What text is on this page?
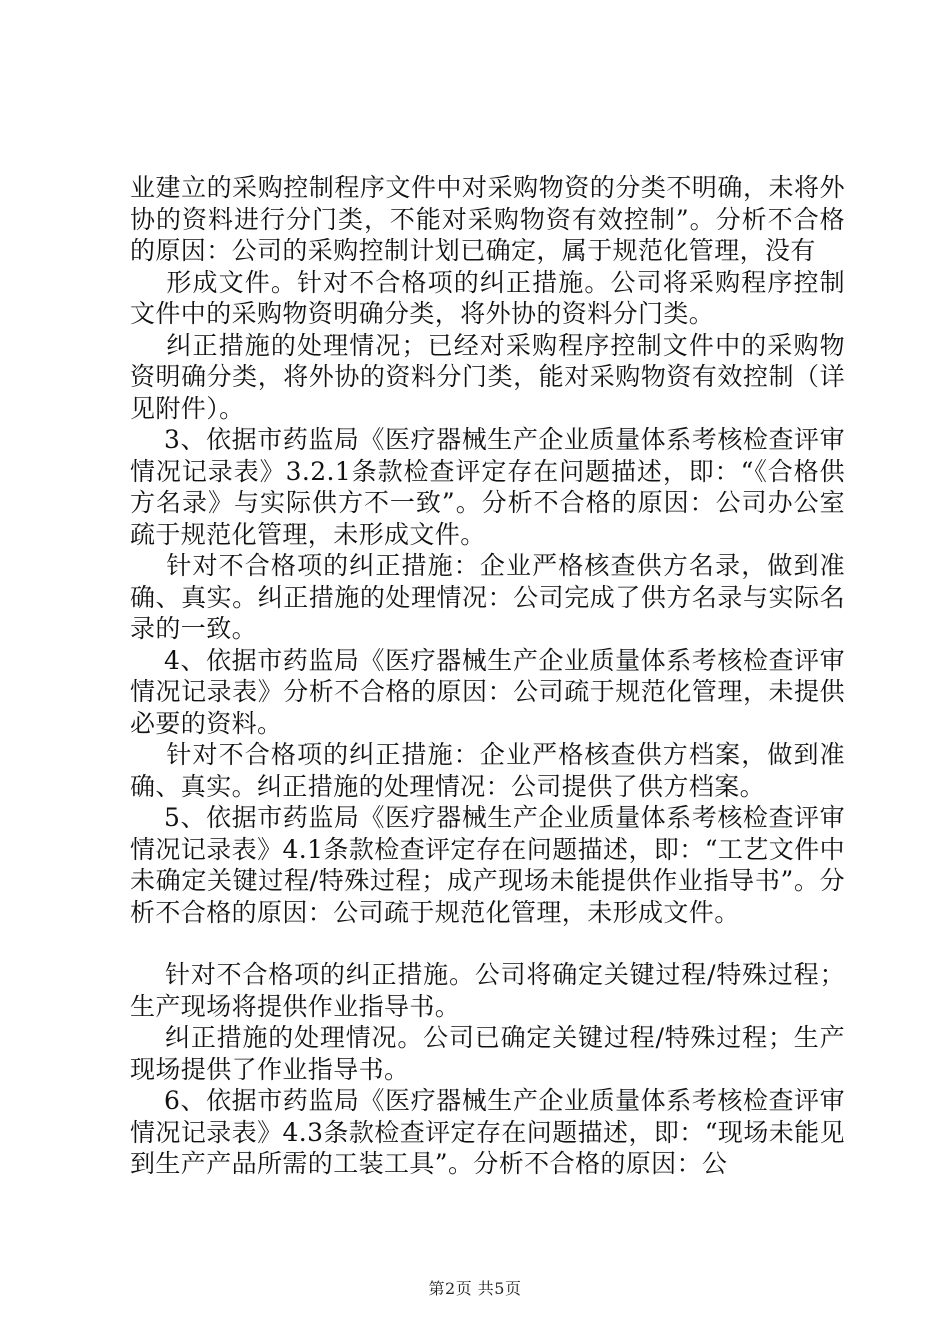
业建立的采购控制程序文件中对采购物资的分类不明确，未将外协的资料进行分门类，不能对采购物资有效控制”。分析不合格的原因：公司的采购控制计划已确定，属于规范化管理，没有

形成文件。针对不合格项的纠正措施。公司将采购程序控制文件中的采购物资明确分类，将外协的资料分门类。

纠正措施的处理情况；已经对采购程序控制文件中的采购物资明确分类，将外协的资料分门类，能对采购物资有效控制（详见附件）。

3、依据市药监局《医疗器械生产企业质量体系考核检查评审情况记录表》3.2.1条款检查评定存在问题描述，即：“《合格供方名录》与实际供方不一致”。分析不合格的原因：公司办公室疏于规范化管理，未形成文件。

针对不合格项的纠正措施：企业严格核查供方名录，做到准确、真实。纠正措施的处理情况：公司完成了供方名录与实际名录的一致。

4、依据市药监局《医疗器械生产企业质量体系考核检查评审情况记录表》分析不合格的原因：公司疏于规范化管理，未提供必要的资料。

针对不合格项的纠正措施：企业严格核查供方档案，做到准确、真实。纠正措施的处理情况：公司提供了供方档案。

5、依据市药监局《医疗器械生产企业质量体系考核检查评审情况记录表》4.1条款检查评定存在问题描述，即：“工艺文件中未确定关键过程/特殊过程；成产现场未能提供作业指导书”。分析不合格的原因：公司疏于规范化管理，未形成文件。

针对不合格项的纠正措施。公司将确定关键过程/特殊过程；生产现场将提供作业指导书。

纠正措施的处理情况。公司已确定关键过程/特殊过程；生产现场提供了作业指导书。

6、依据市药监局《医疗器械生产企业质量体系考核检查评审情况记录表》4.3条款检查评定存在问题描述，即：“现场未能见到生产产品所需的工装工具”。分析不合格的原因：公

第2页 共5页
